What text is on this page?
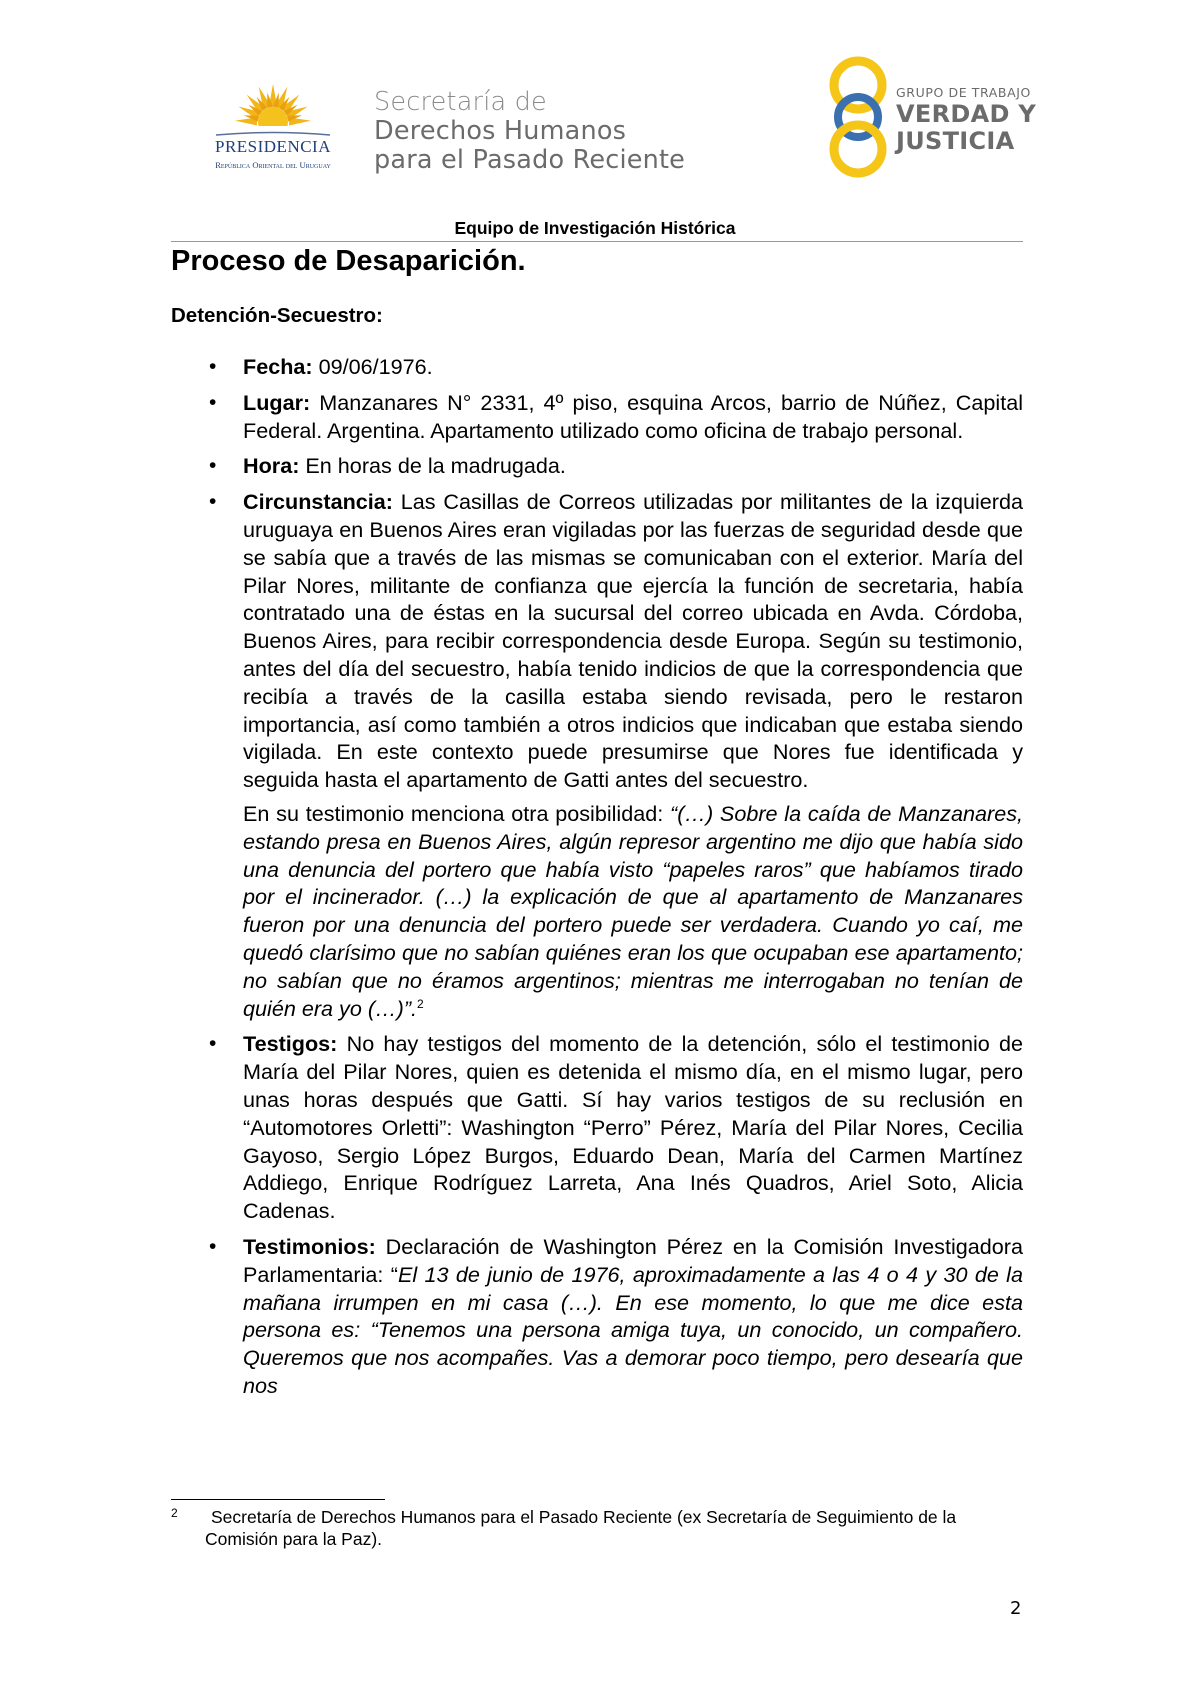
PRESIDENCIA
República Oriental del Uruguay
Secretaría de
Derechos Humanos
para el Pasado Reciente
GRUPO DE TRABAJO
VERDAD Y
JUSTICIA
Equipo de Investigación Histórica
Proceso de Desaparición.
Detención-Secuestro:

• Fecha: 09/06/1976.

• Lugar: Manzanares N° 2331, 4º piso, esquina Arcos, barrio de Núñez, Capital Federal. Argentina. Apartamento utilizado como oficina de trabajo personal.

• Hora: En horas de la madrugada.

• Circunstancia: Las Casillas de Correos utilizadas por militantes de la izquierda uruguaya en Buenos Aires eran vigiladas por las fuerzas de seguridad desde que se sabía que a través de las mismas se comunicaban con el exterior. María del Pilar Nores, militante de confianza que ejercía la función de secretaria, había contratado una de éstas en la sucursal del correo ubicada en Avda. Córdoba, Buenos Aires, para recibir correspondencia desde Europa. Según su testimonio, antes del día del secuestro, había tenido indicios de que la correspondencia que recibía a través de la casilla estaba siendo revisada, pero le restaron importancia, así como también a otros indicios que indicaban que estaba siendo vigilada. En este contexto puede presumirse que Nores fue identificada y seguida hasta el apartamento de Gatti antes del secuestro.

En su testimonio menciona otra posibilidad: “(…) Sobre la caída de Manzanares, estando presa en Buenos Aires, algún represor argentino me dijo que había sido una denuncia del portero que había visto “papeles raros” que habíamos tirado por el incinerador. (…) la explicación de que al apartamento de Manzanares fueron por una denuncia del portero puede ser verdadera. Cuando yo caí, me quedó clarísimo que no sabían quiénes eran los que ocupaban ese apartamento; no sabían que no éramos argentinos; mientras me interrogaban no tenían de quién era yo (…)”.$^2$

• Testigos: No hay testigos del momento de la detención, sólo el testimonio de María del Pilar Nores, quien es detenida el mismo día, en el mismo lugar, pero unas horas después que Gatti. Sí hay varios testigos de su reclusión en “Automotores Orletti”: Washington “Perro” Pérez, María del Pilar Nores, Cecilia Gayoso, Sergio López Burgos, Eduardo Dean, María del Carmen Martínez Addiego, Enrique Rodríguez Larreta, Ana Inés Quadros, Ariel Soto, Alicia Cadenas.

• Testimonios: Declaración de Washington Pérez en la Comisión Investigadora Parlamentaria: “El 13 de junio de 1976, aproximadamente a las 4 o 4 y 30 de la mañana irrumpen en mi casa (…). En ese momento, lo que me dice esta persona es: “Tenemos una persona amiga tuya, un conocido, un compañero. Queremos que nos acompañes. Vas a demorar poco tiempo, pero desearía que nos

2	Secretaría de Derechos Humanos para el Pasado Reciente (ex Secretaría de Seguimiento de la Comisión para la Paz).
2
